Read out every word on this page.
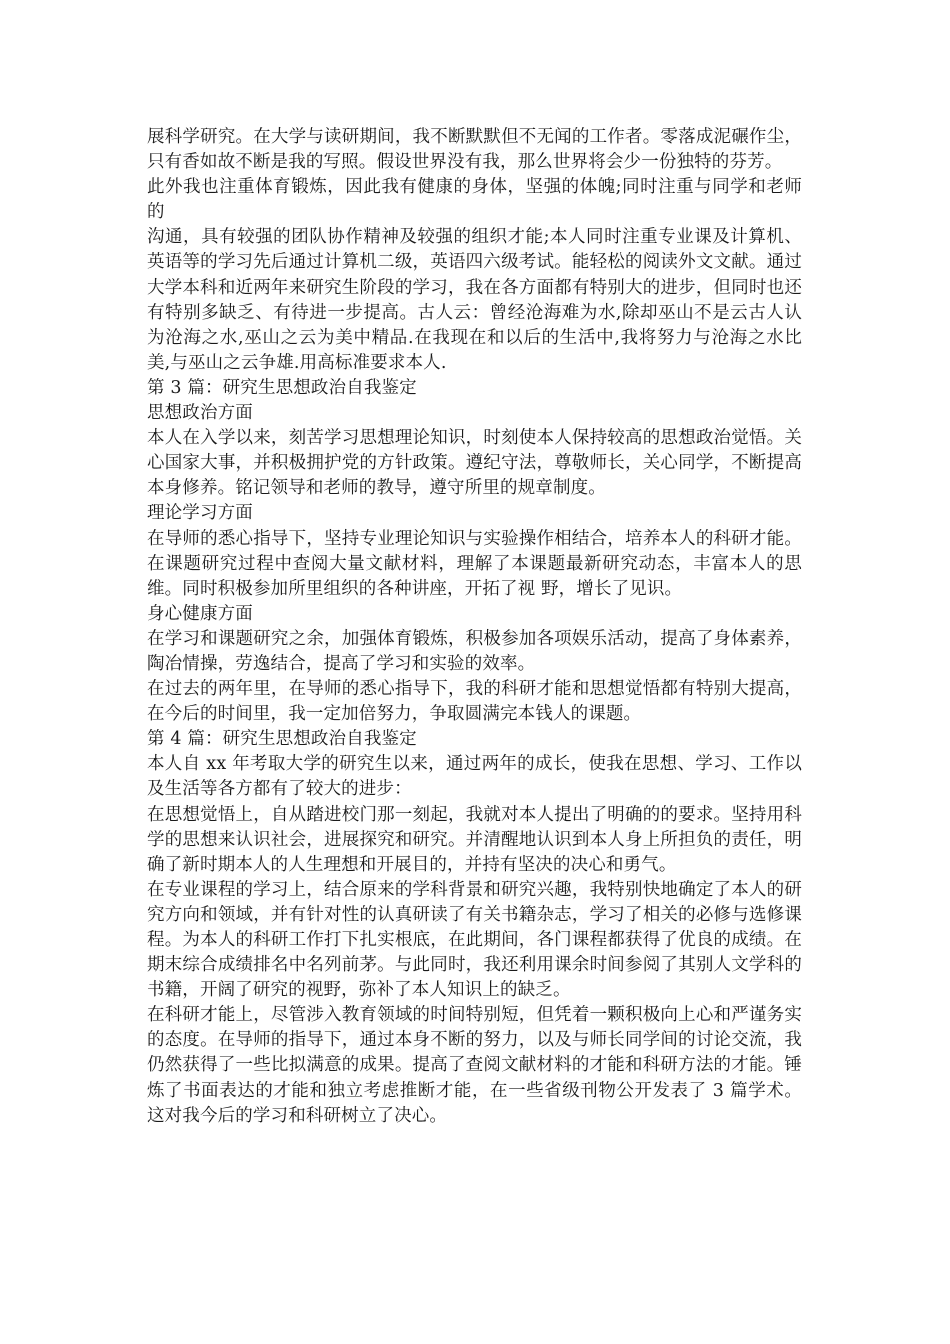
展科学研究。在大学与读研期间，我不断默默但不无闻的工作者。零落成泥碾作尘，只有香如故不断是我的写照。假设世界没有我，那么世界将会少一份独特的芬芳。

此外我也注重体育锻炼，因此我有健康的身体，坚强的体魄;同时注重与同学和老师的

沟通，具有较强的团队协作精神及较强的组织才能;本人同时注重专业课及计算机、英语等的学习先后通过计算机二级，英语四六级考试。能轻松的阅读外文文献。通过大学本科和近两年来研究生阶段的学习，我在各方面都有特别大的进步，但同时也还有特别多缺乏、有待进一步提高。古人云：曾经沧海难为水,除却巫山不是云古人认为沧海之水,巫山之云为美中精品.在我现在和以后的生活中,我将努力与沧海之水比美,与巫山之云争雄.用高标准要求本人.

第 3 篇：研究生思想政治自我鉴定

思想政治方面

本人在入学以来，刻苦学习思想理论知识，时刻使本人保持较高的思想政治觉悟。关心国家大事，并积极拥护党的方针政策。遵纪守法，尊敬师长，关心同学，不断提高本身修养。铭记领导和老师的教导，遵守所里的规章制度。

理论学习方面

在导师的悉心指导下，坚持专业理论知识与实验操作相结合，培养本人的科研才能。在课题研究过程中查阅大量文献材料，理解了本课题最新研究动态，丰富本人的思维。同时积极参加所里组织的各种讲座，开拓了视 野，增长了见识。

身心健康方面

在学习和课题研究之余，加强体育锻炼，积极参加各项娱乐活动，提高了身体素养，陶冶情操，劳逸结合，提高了学习和实验的效率。

在过去的两年里，在导师的悉心指导下，我的科研才能和思想觉悟都有特别大提高，在今后的时间里，我一定加倍努力，争取圆满完本钱人的课题。

第 4 篇：研究生思想政治自我鉴定

本人自 xx 年考取大学的研究生以来，通过两年的成长，使我在思想、学习、工作以及生活等各方都有了较大的进步：

在思想觉悟上，自从踏进校门那一刻起，我就对本人提出了明确的的要求。坚持用科学的思想来认识社会，进展探究和研究。并清醒地认识到本人身上所担负的责任，明确了新时期本人的人生理想和开展目的，并持有坚决的决心和勇气。

在专业课程的学习上，结合原来的学科背景和研究兴趣，我特别快地确定了本人的研究方向和领域，并有针对性的认真研读了有关书籍杂志，学习了相关的必修与选修课程。为本人的科研工作打下扎实根底，在此期间，各门课程都获得了优良的成绩。在期末综合成绩排名中名列前茅。与此同时，我还利用课余时间参阅了其别人文学科的书籍，开阔了研究的视野，弥补了本人知识上的缺乏。

在科研才能上，尽管涉入教育领域的时间特别短，但凭着一颗积极向上心和严谨务实的态度。在导师的指导下，通过本身不断的努力，以及与师长同学间的讨论交流，我仍然获得了一些比拟满意的成果。提高了查阅文献材料的才能和科研方法的才能。锤炼了书面表达的才能和独立考虑推断才能，在一些省级刊物公开发表了 3 篇学术。这对我今后的学习和科研树立了决心。
